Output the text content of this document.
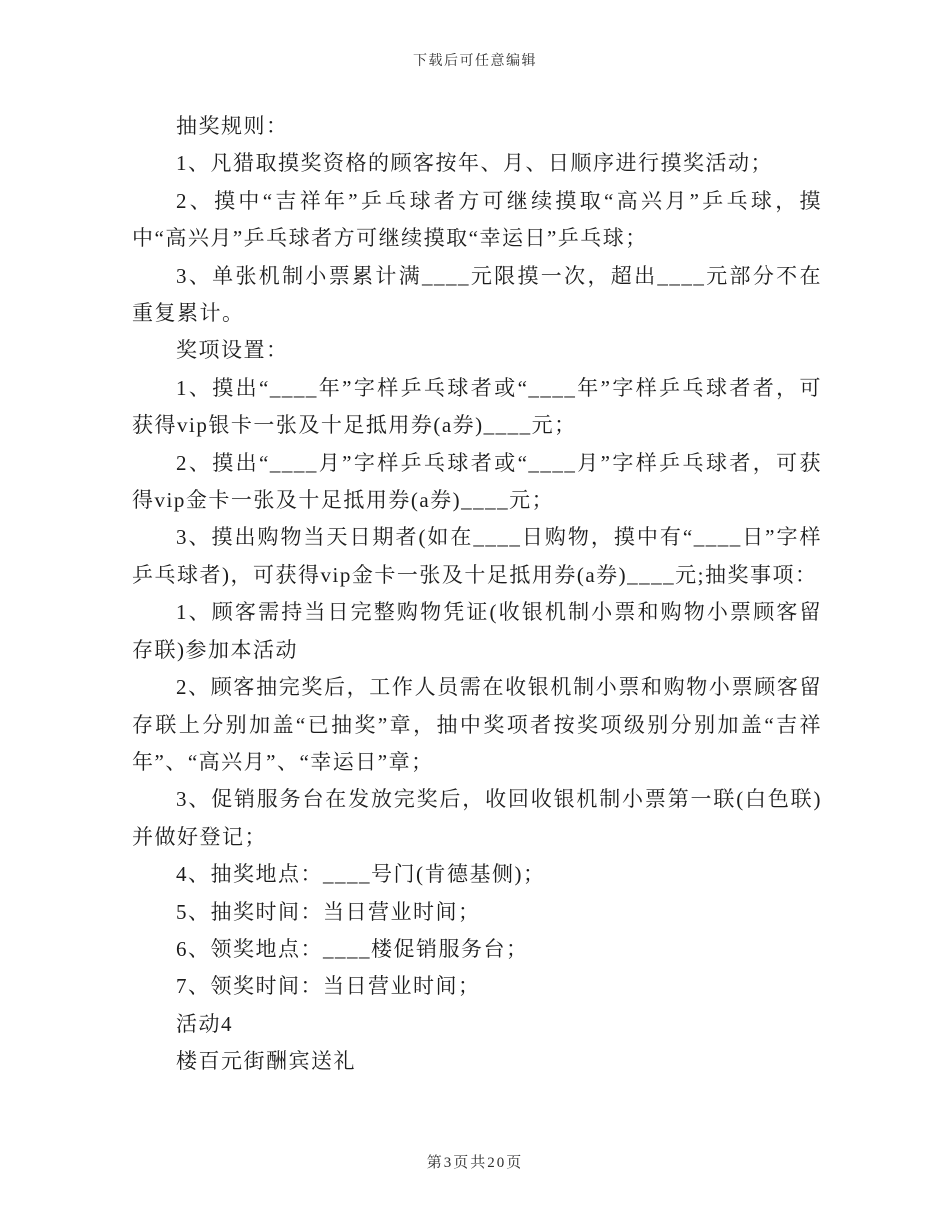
下载后可任意编辑

抽奖规则：

1、凡猎取摸奖资格的顾客按年、月、日顺序进行摸奖活动；

2、摸中“吉祥年”乒乓球者方可继续摸取“高兴月”乒乓球，摸中“高兴月”乒乓球者方可继续摸取“幸运日”乒乓球；

3、单张机制小票累计满____元限摸一次，超出____元部分不在重复累计。

奖项设置：

1、摸出“____年”字样乒乓球者或“____年”字样乒乓球者者，可获得vip银卡一张及十足抵用券(a券)____元；

2、摸出“____月”字样乒乓球者或“____月”字样乒乓球者，可获得vip金卡一张及十足抵用券(a券)____元；

3、摸出购物当天日期者(如在____日购物，摸中有“____日”字样乒乓球者)，可获得vip金卡一张及十足抵用券(a券)____元;抽奖事项：

1、顾客需持当日完整购物凭证(收银机制小票和购物小票顾客留存联)参加本活动

2、顾客抽完奖后，工作人员需在收银机制小票和购物小票顾客留存联上分别加盖“已抽奖”章，抽中奖项者按奖项级别分别加盖“吉祥年”、“高兴月”、“幸运日”章；

3、促销服务台在发放完奖后，收回收银机制小票第一联(白色联)并做好登记；

4、抽奖地点：____号门(肯德基侧)；

5、抽奖时间：当日营业时间；

6、领奖地点：____楼促销服务台；

7、领奖时间：当日营业时间；

活动4

楼百元街酬宾送礼

第3页共20页
